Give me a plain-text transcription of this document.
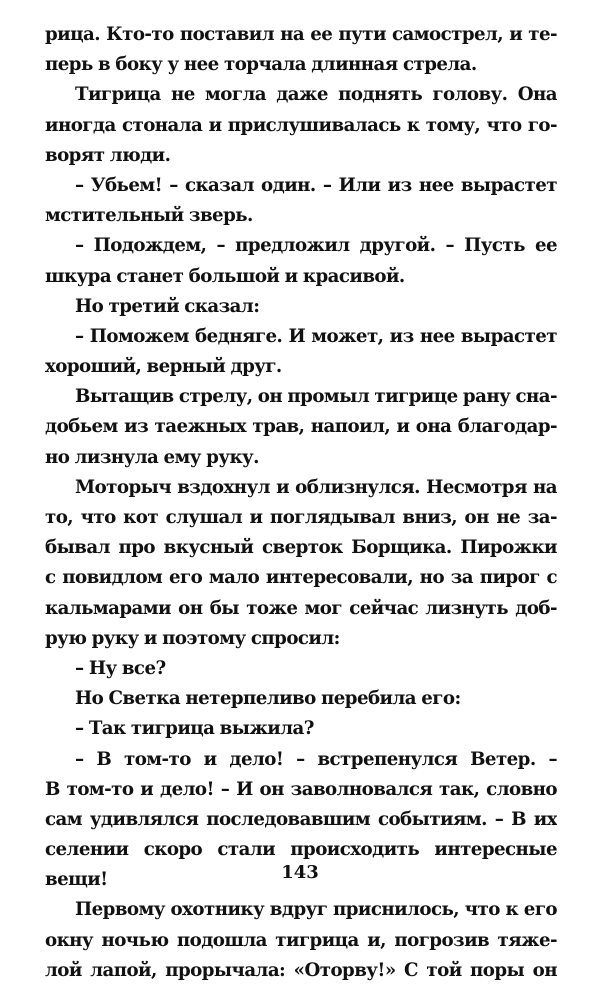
рица. Кто-то поставил на ее пути самострел, и те-
перь в боку у нее торчала длинная стрела.
Тигрица не могла даже поднять голову. Она
иногда стонала и прислушивалась к тому, что го-
ворят люди.
– Убьем! – сказал один. – Или из нее вырастет
мстительный зверь.
– Подождем, – предложил другой. – Пусть ее
шкура станет большой и красивой.
Но третий сказал:
– Поможем бедняге. И может, из нее вырастет
хороший, верный друг.
Вытащив стрелу, он промыл тигрице рану сна-
добьем из таежных трав, напоил, и она благодар-
но лизнула ему руку.
Моторыч вздохнул и облизнулся. Несмотря на
то, что кот слушал и поглядывал вниз, он не за-
бывал про вкусный сверток Борщика. Пирожки
с повидлом его мало интересовали, но за пирог с
кальмарами он бы тоже мог сейчас лизнуть доб-
рую руку и поэтому спросил:
– Ну все?
Но Светка нетерпеливо перебила его:
– Так тигрица выжила?
– В том-то и дело! – встрепенулся Ветер. –
В том-то и дело! – И он заволновался так, словно
сам удивлялся последовавшим событиям. – В их
селении скоро стали происходить интересные
вещи!
Первому охотнику вдруг приснилось, что к его
окну ночью подошла тигрица и, погрозив тяже-
лой лапой, прорычала: «Оторву!» С той поры он
143
